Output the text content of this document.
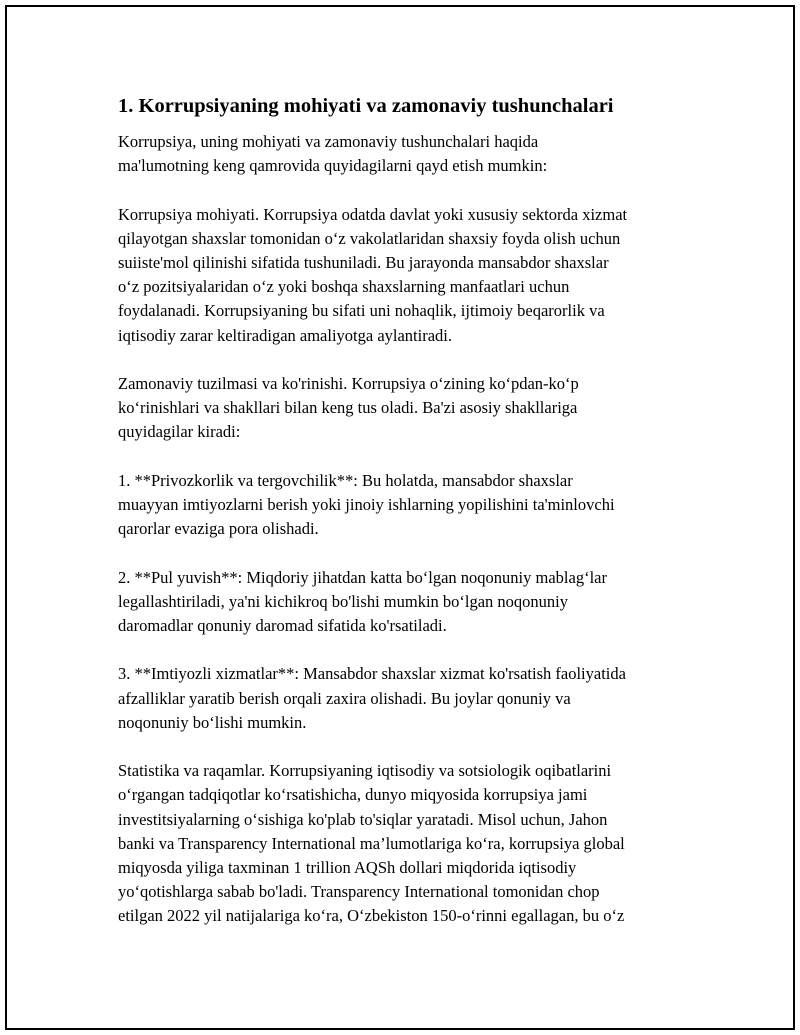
1. Korrupsiyaning mohiyati va zamonaviy tushunchalari

Korrupsiya, uning mohiyati va zamonaviy tushunchalari haqida
ma'lumotning keng qamrovida quyidagilarni qayd etish mumkin:

Korrupsiya mohiyati. Korrupsiya odatda davlat yoki xususiy sektorda xizmat
qilayotgan shaxslar tomonidan o‘z vakolatlaridan shaxsiy foyda olish uchun
suiiste'mol qilinishi sifatida tushuniladi. Bu jarayonda mansabdor shaxslar
o‘z pozitsiyalaridan o‘z yoki boshqa shaxslarning manfaatlari uchun
foydalanadi. Korrupsiyaning bu sifati uni nohaqlik, ijtimoiy beqarorlik va
iqtisodiy zarar keltiradigan amaliyotga aylantiradi.

Zamonaviy tuzilmasi va ko'rinishi. Korrupsiya o‘zining ko‘pdan-ko‘p
ko‘rinishlari va shakllari bilan keng tus oladi. Ba'zi asosiy shakllariga
quyidagilar kiradi:

1. **Privozkorlik va tergovchilik**: Bu holatda, mansabdor shaxslar
muayyan imtiyozlarni berish yoki jinoiy ishlarning yopilishini ta'minlovchi
qarorlar evaziga pora olishadi.

2. **Pul yuvish**: Miqdoriy jihatdan katta bo‘lgan noqonuniy mablag‘lar
legallashtiriladi, ya'ni kichikroq bo'lishi mumkin bo‘lgan noqonuniy
daromadlar qonuniy daromad sifatida ko'rsatiladi.

3. **Imtiyozli xizmatlar**: Mansabdor shaxslar xizmat ko'rsatish faoliyatida
afzalliklar yaratib berish orqali zaxira olishadi. Bu joylar qonuniy va
noqonuniy bo‘lishi mumkin.

Statistika va raqamlar. Korrupsiyaning iqtisodiy va sotsiologik oqibatlarini
o‘rgangan tadqiqotlar ko‘rsatishicha, dunyo miqyosida korrupsiya jami
investitsiyalarning o‘sishiga ko'plab to'siqlar yaratadi. Misol uchun, Jahon
banki va Transparency International ma’lumotlariga ko‘ra, korrupsiya global
miqyosda yiliga taxminan 1 trillion AQSh dollari miqdorida iqtisodiy
yo‘qotishlarga sabab bo'ladi. Transparency International tomonidan chop
etilgan 2022 yil natijalariga ko‘ra, O‘zbekiston 150-o‘rinni egallagan, bu o‘z
